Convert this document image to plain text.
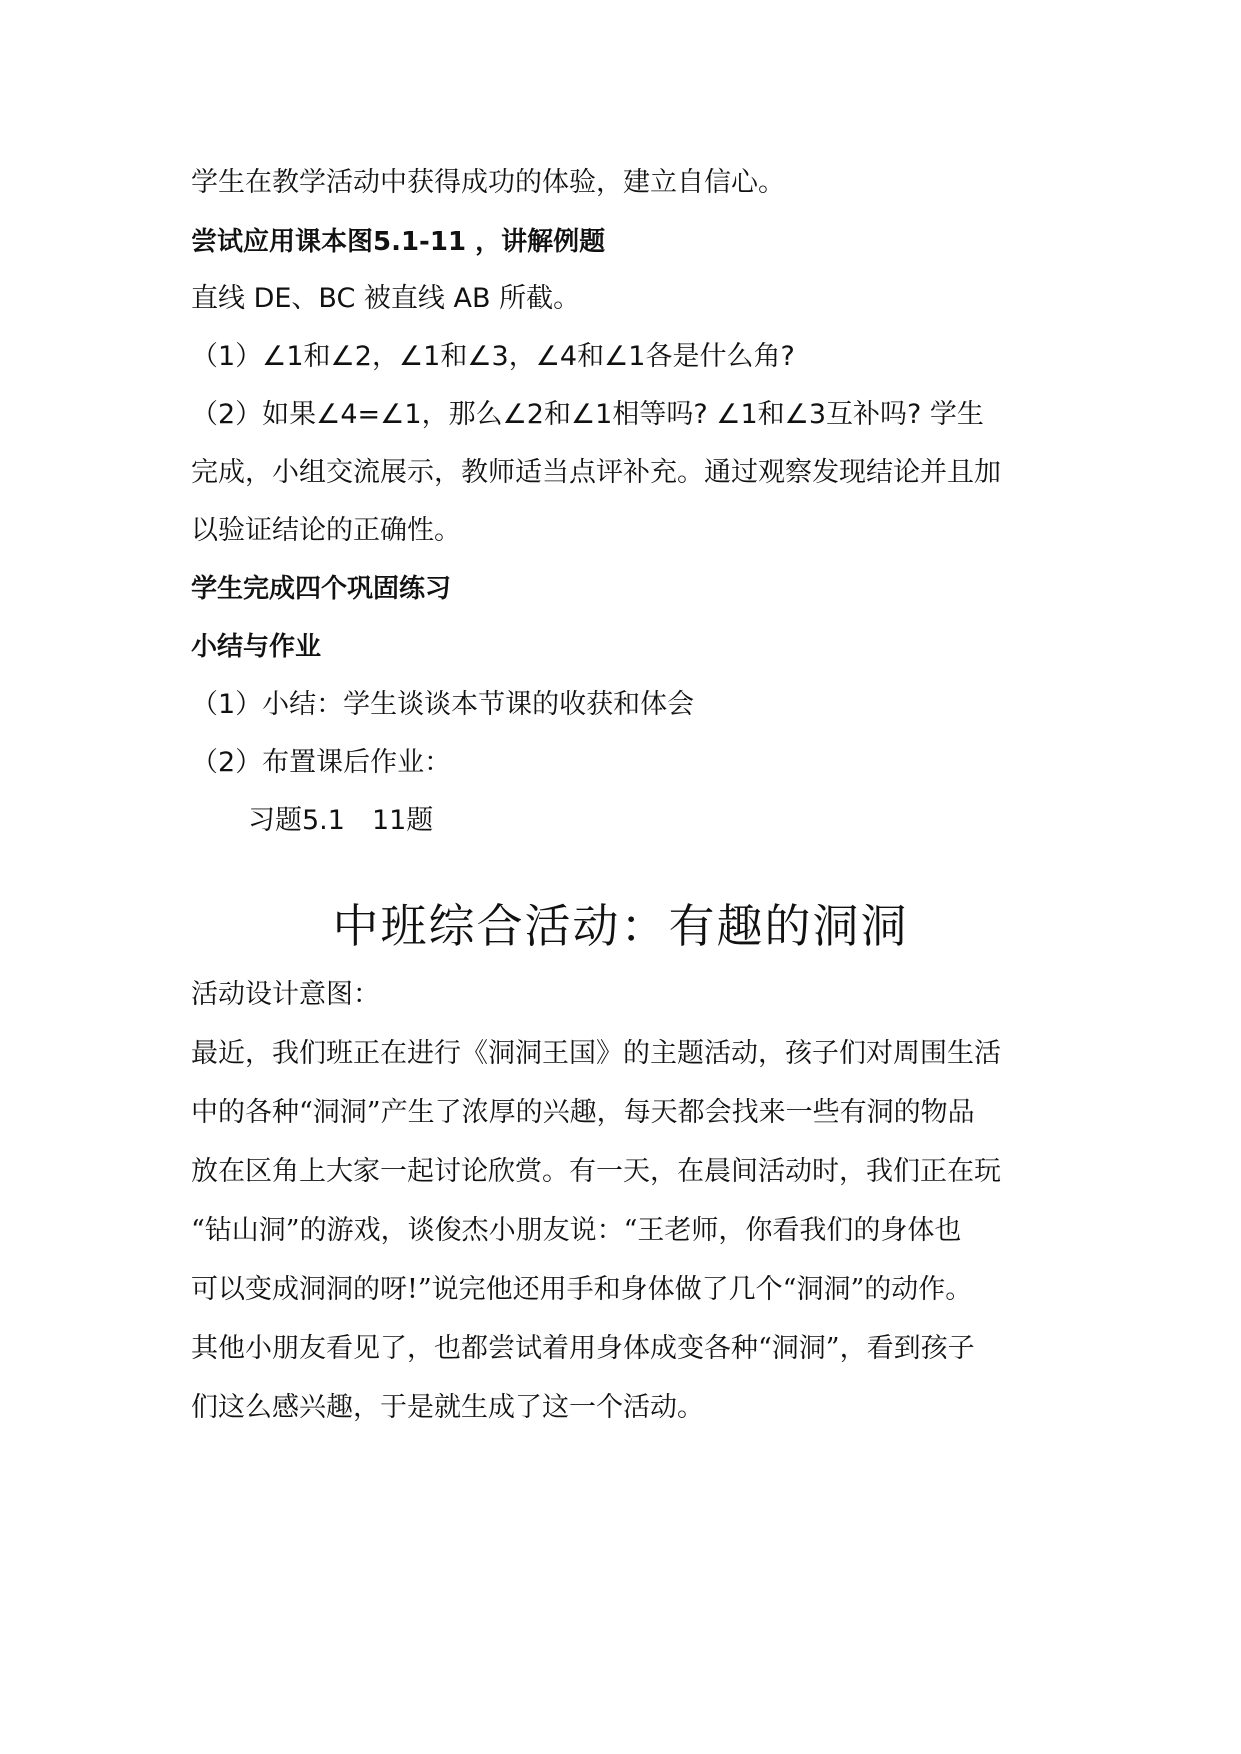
学生在教学活动中获得成功的体验，建立自信心。
尝试应用课本图5.1-11 ，讲解例题
直线 DE、BC 被直线 AB 所截。
（1）∠1和∠2，∠1和∠3，∠4和∠1各是什么角?
（2）如果∠4=∠1，那么∠2和∠1相等吗? ∠1和∠3互补吗? 学生
完成，小组交流展示，教师适当点评补充。通过观察发现结论并且加
以验证结论的正确性。
学生完成四个巩固练习
小结与作业
（1）小结：学生谈谈本节课的收获和体会
（2）布置课后作业：
习题5.1　11题
中班综合活动：有趣的洞洞
活动设计意图：
最近，我们班正在进行《洞洞王国》的主题活动，孩子们对周围生活
中的各种“洞洞”产生了浓厚的兴趣，每天都会找来一些有洞的物品
放在区角上大家一起讨论欣赏。有一天，在晨间活动时，我们正在玩
“钻山洞”的游戏，谈俊杰小朋友说：“王老师，你看我们的身体也
可以变成洞洞的呀!”说完他还用手和身体做了几个“洞洞”的动作。
其他小朋友看见了，也都尝试着用身体成变各种“洞洞”，看到孩子
们这么感兴趣，于是就生成了这一个活动。
